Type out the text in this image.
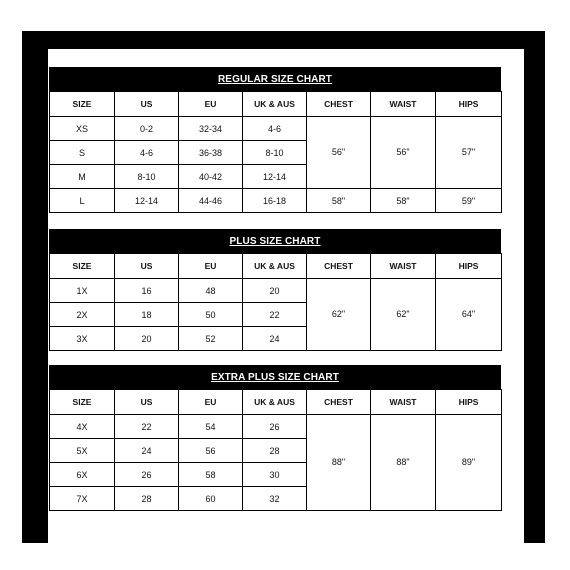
REGULAR SIZE CHART
SIZE	US	EU	UK & AUS	CHEST	WAIST	HIPS
XS	0-2	32-34	4-6	56"	56"	57"
S	4-6	36-38	8-10			
M	8-10	40-42	12-14			
L	12-14	44-46	16-18	58"	58"	59"
PLUS SIZE CHART
SIZE	US	EU	UK & AUS	CHEST	WAIST	HIPS
1X	16	48	20	62"	62"	64"
2X	18	50	22			
3X	20	52	24			
EXTRA PLUS SIZE CHART
SIZE	US	EU	UK & AUS	CHEST	WAIST	HIPS
4X	22	54	26	88"	88"	89"
5X	24	56	28			
6X	26	58	30			
7X	28	60	32			
